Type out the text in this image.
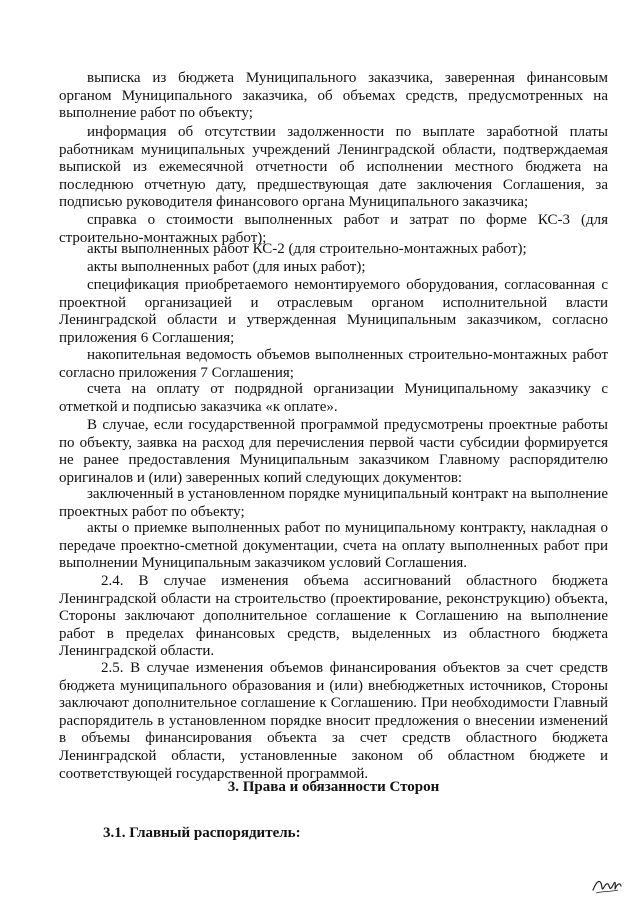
выписка из бюджета Муниципального заказчика, заверенная финансовым органом Муниципального заказчика, об объемах средств, предусмотренных на выполнение работ по объекту;

информация об отсутствии задолженности по выплате заработной платы работникам муниципальных учреждений Ленинградской области, подтверждаемая выпиской из ежемесячной отчетности об исполнении местного бюджета на последнюю отчетную дату, предшествующая дате заключения Соглашения, за подписью руководителя финансового органа Муниципального заказчика;

справка о стоимости выполненных работ и затрат по форме КС-3 (для строительно-монтажных работ);

акты выполненных работ КС-2 (для строительно-монтажных работ);

акты выполненных работ (для иных работ);

спецификация приобретаемого немонтируемого оборудования, согласованная с проектной организацией и отраслевым органом исполнительной власти Ленинградской области и утвержденная Муниципальным заказчиком, согласно приложения 6 Соглашения;

накопительная ведомость объемов выполненных строительно-монтажных работ согласно приложения 7 Соглашения;

счета на оплату от подрядной организации Муниципальному заказчику с отметкой и подписью заказчика «к оплате».

В случае, если государственной программой предусмотрены проектные работы по объекту, заявка на расход для перечисления первой части субсидии формируется не ранее предоставления Муниципальным заказчиком Главному распорядителю оригиналов и (или) заверенных копий следующих документов:

заключенный в установленном порядке муниципальный контракт на выполнение проектных работ по объекту;

акты о приемке выполненных работ по муниципальному контракту, накладная о передаче проектно-сметной документации, счета на оплату выполненных работ при выполнении Муниципальным заказчиком условий Соглашения.

2.4. В случае изменения объема ассигнований областного бюджета Ленинградской области на строительство (проектирование, реконструкцию) объекта, Стороны заключают дополнительное соглашение к Соглашению на выполнение работ в пределах финансовых средств, выделенных из областного бюджета Ленинградской области.

2.5. В случае изменения объемов финансирования объектов за счет средств бюджета муниципального образования и (или) внебюджетных источников, Стороны заключают дополнительное соглашение к Соглашению. При необходимости Главный распорядитель в установленном порядке вносит предложения о внесении изменений в объемы финансирования объекта за счет средств областного бюджета Ленинградской области, установленные законом об областном бюджете и соответствующей государственной программой.

3. Права и обязанности Сторон

3.1. Главный распорядитель:
